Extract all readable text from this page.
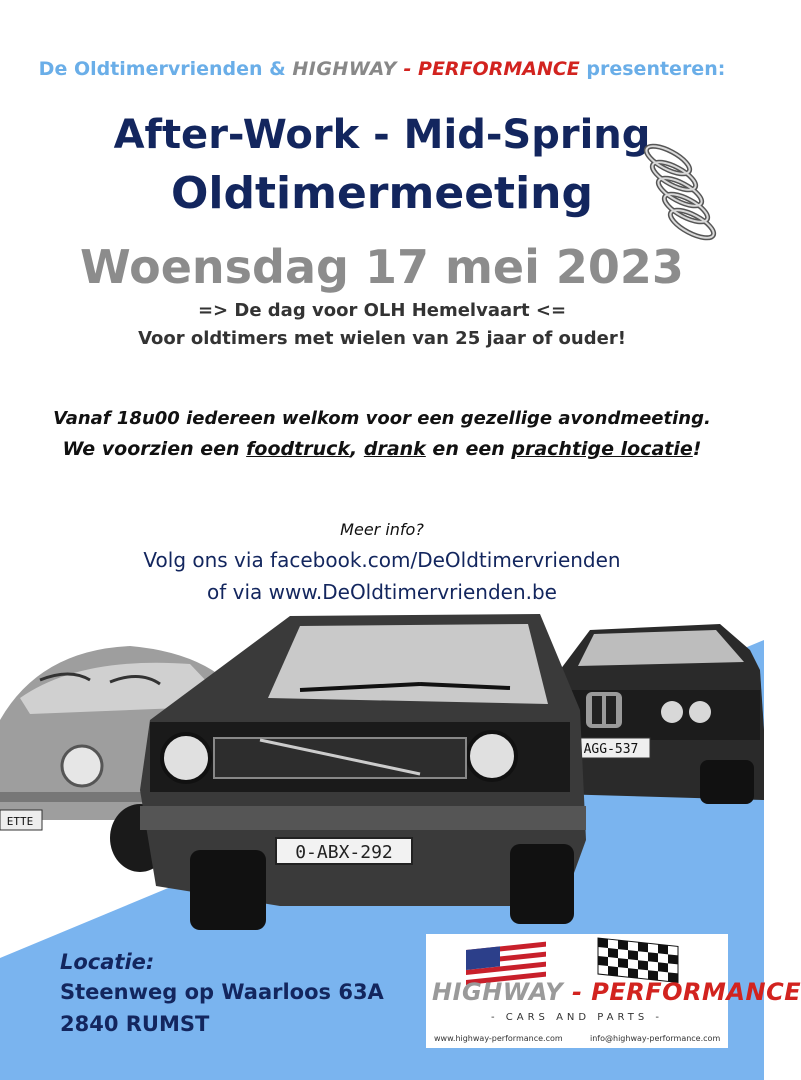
De Oldtimervrienden & HIGHWAY - PERFORMANCE presenteren:
After-Work - Mid-Spring
Oldtimermeeting
Woensdag 17 mei 2023
=> De dag voor OLH Hemelvaart <=
Voor oldtimers met wielen van 25 jaar of ouder!
Vanaf 18u00 iedereen welkom voor een gezellige avondmeeting.
We voorzien een foodtruck, drank en een prachtige locatie!
Meer info?
Volg ons via facebook.com/DeOldtimervrienden
of via www.DeOldtimervrienden.be
AGG-537
ETTE
0-ABX-292
Locatie:
Steenweg op Waarloos 63A
2840 RUMST
HIGHWAY - PERFORMANCE
- CARS AND PARTS -
www.highway-performance.com	info@highway-performance.com
